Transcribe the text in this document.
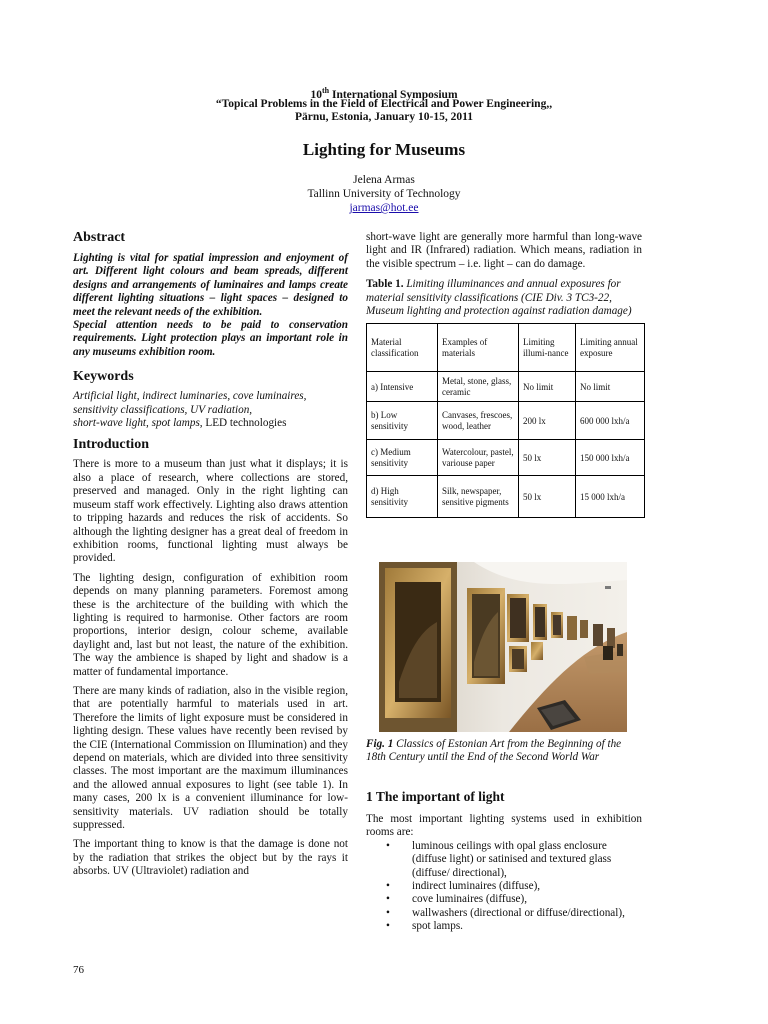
10th International Symposium
“Topical Problems in the Field of Electrical and Power Engineering,,
Pärnu, Estonia, January 10-15, 2011
Lighting for Museums
Jelena Armas
Tallinn University of Technology
jarmas@hot.ee
Abstract
Lighting is vital for spatial impression and enjoyment of art. Different light colours and beam spreads, different designs and arrangements of luminaires and lamps create different lighting situations – light spaces – designed to meet the relevant needs of the exhibition.
Special attention needs to be paid to conservation requirements. Light protection plays an important role in any museums exhibition room.
Keywords
Artificial light, indirect luminaries, cove luminaires, sensitivity classifications, UV radiation,
short-wave light, spot lamps, LED technologies
Introduction
There is more to a museum than just what it displays; it is also a place of research, where collections are stored, preserved and managed. Only in the right lighting can museum staff work effectively. Lighting also draws attention to tripping hazards and reduces the risk of accidents. So although the lighting designer has a great deal of freedom in exhibition rooms, functional lighting must always be provided.
The lighting design, configuration of exhibition room depends on many planning parameters. Foremost among these is the architecture of the building with which the lighting is required to harmonise. Other factors are room proportions, interior design, colour scheme, available daylight and, last but not least, the nature of the exhibition. The way the ambience is shaped by light and shadow is a matter of fundamental importance.
There are many kinds of radiation, also in the visible region, that are potentially harmful to materials used in art. Therefore the limits of light exposure must be considered in lighting design. These values have recently been revised by the CIE (International Commission on Illumination) and they depend on materials, which are divided into three sensitivity classes. The most important are the maximum illuminances and the allowed annual exposures to light (see table 1). In many cases, 200 lx is a convenient illuminance for low-sensitivity materials. UV radiation should be totally suppressed.
The important thing to know is that the damage is done not by the radiation that strikes the object but by the rays it absorbs. UV (Ultraviolet) radiation and
short-wave light are generally more harmful than long-wave light and IR (Infrared) radiation. Which means, radiation in the visible spectrum – i.e. light – can do damage.
Table 1. Limiting illuminances and annual exposures for material sensitivity classifications (CIE Div. 3 TC3-22, Museum lighting and protection against radiation damage)
Material classification	Examples of materials	Limiting illumi-nance	Limiting annual exposure
a) Intensive	Metal, stone, glass, ceramic	No limit	No limit
b) Low sensitivity	Canvases, frescoes, wood, leather	200 lx	600 000 lxh/a
c) Medium sensitivity	Watercolour, pastel, variouse paper	50 lx	150 000 lxh/a
d) High sensitivity	Silk, newspaper, sensitive pigments	50 lx	15 000 lxh/a
Fig. 1 Classics of Estonian Art from the Beginning of the 18th Century until the End of the Second World War
1 The important of light
The most important lighting systems used in exhibition rooms are:
• luminous ceilings with opal glass enclosure (diffuse light) or satinised and textured glass (diffuse/ directional),
• indirect luminaires (diffuse),
• cove luminaires (diffuse),
• wallwashers (directional or diffuse/directional),
• spot lamps.
76
